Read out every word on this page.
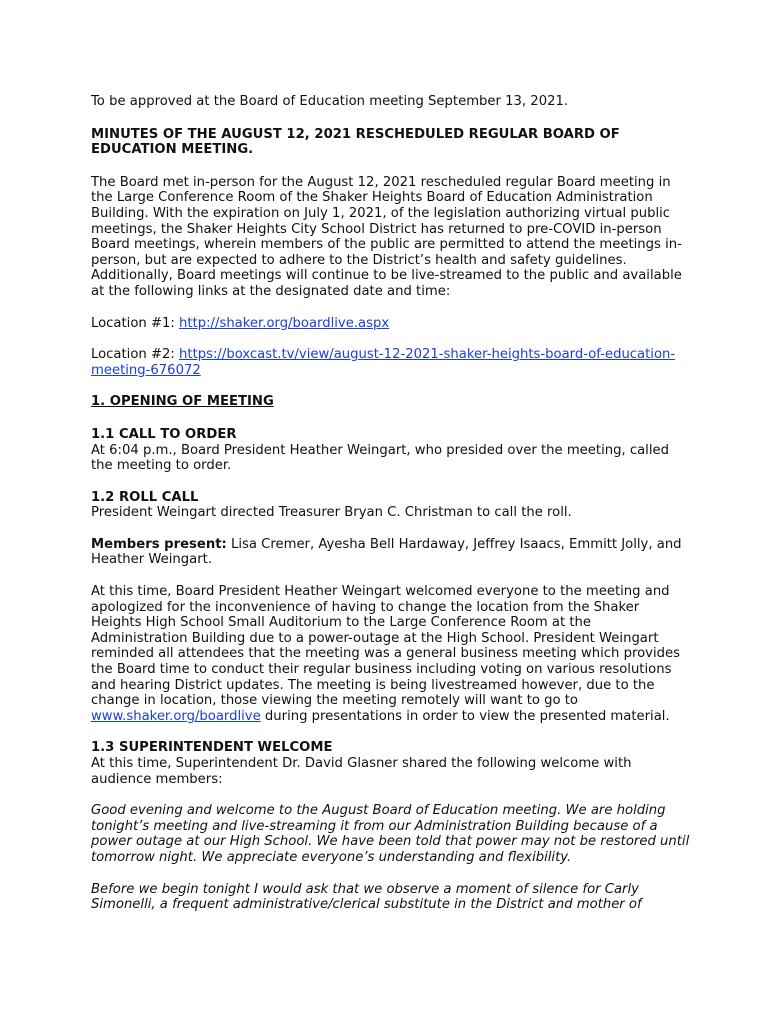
To be approved at the Board of Education meeting September 13, 2021.

MINUTES OF THE AUGUST 12, 2021 RESCHEDULED REGULAR BOARD OF EDUCATION MEETING.

The Board met in-person for the August 12, 2021 rescheduled regular Board meeting in the Large Conference Room of the Shaker Heights Board of Education Administration Building. With the expiration on July 1, 2021, of the legislation authorizing virtual public meetings, the Shaker Heights City School District has returned to pre-COVID in-person Board meetings, wherein members of the public are permitted to attend the meetings in-person, but are expected to adhere to the District’s health and safety guidelines. Additionally, Board meetings will continue to be live-streamed to the public and available at the following links at the designated date and time:

Location #1: http://shaker.org/boardlive.aspx

Location #2: https://boxcast.tv/view/august-12-2021-shaker-heights-board-of-education-meeting-676072

1. OPENING OF MEETING

1.1 CALL TO ORDER

At 6:04 p.m., Board President Heather Weingart, who presided over the meeting, called the meeting to order.

1.2 ROLL CALL

President Weingart directed Treasurer Bryan C. Christman to call the roll.

Members present: Lisa Cremer, Ayesha Bell Hardaway, Jeffrey Isaacs, Emmitt Jolly, and Heather Weingart.

At this time, Board President Heather Weingart welcomed everyone to the meeting and apologized for the inconvenience of having to change the location from the Shaker Heights High School Small Auditorium to the Large Conference Room at the Administration Building due to a power-outage at the High School. President Weingart reminded all attendees that the meeting was a general business meeting which provides the Board time to conduct their regular business including voting on various resolutions and hearing District updates. The meeting is being livestreamed however, due to the change in location, those viewing the meeting remotely will want to go to www.shaker.org/boardlive during presentations in order to view the presented material.

1.3 SUPERINTENDENT WELCOME

At this time, Superintendent Dr. David Glasner shared the following welcome with audience members:

Good evening and welcome to the August Board of Education meeting. We are holding tonight’s meeting and live-streaming it from our Administration Building because of a power outage at our High School. We have been told that power may not be restored until tomorrow night. We appreciate everyone’s understanding and flexibility.

Before we begin tonight I would ask that we observe a moment of silence for Carly Simonelli, a frequent administrative/clerical substitute in the District and mother of
